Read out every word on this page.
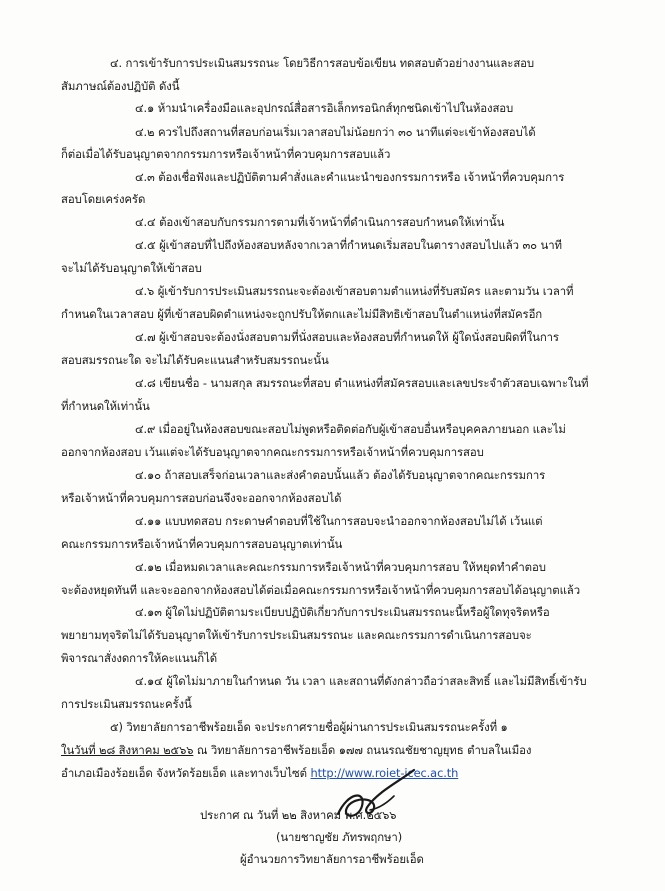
๔. การเข้ารับการประเมินสมรรถนะ โดยวิธีการสอบข้อเขียน ทดสอบตัวอย่างงานและสอบ
สัมภาษณ์ต้องปฏิบัติ ดังนี้
๔.๑ ห้ามนำเครื่องมือและอุปกรณ์สื่อสารอิเล็กทรอนิกส์ทุกชนิดเข้าไปในห้องสอบ
๔.๒ ควรไปถึงสถานที่สอบก่อนเริ่มเวลาสอบไม่น้อยกว่า ๓๐ นาทีแต่จะเข้าห้องสอบได้
ก็ต่อเมื่อได้รับอนุญาตจากกรรมการหรือเจ้าหน้าที่ควบคุมการสอบแล้ว
๔.๓ ต้องเชื่อฟังและปฏิบัติตามคำสั่งและคำแนะนำของกรรมการหรือ เจ้าหน้าที่ควบคุมการ
สอบโดยเคร่งครัด
๔.๔ ต้องเข้าสอบกับกรรมการตามที่เจ้าหน้าที่ดำเนินการสอบกำหนดให้เท่านั้น
๔.๕ ผู้เข้าสอบที่ไปถึงห้องสอบหลังจากเวลาที่กำหนดเริ่มสอบในตารางสอบไปแล้ว ๓๐ นาที
จะไม่ได้รับอนุญาตให้เข้าสอบ
๔.๖ ผู้เข้ารับการประเมินสมรรถนะจะต้องเข้าสอบตามตำแหน่งที่รับสมัคร และตามวัน เวลาที่
กำหนดในเวลาสอบ ผู้ที่เข้าสอบผิดตำแหน่งจะถูกปรับให้ตกและไม่มีสิทธิเข้าสอบในตำแหน่งที่สมัครอีก
๔.๗ ผู้เข้าสอบจะต้องนั่งสอบตามที่นั่งสอบและห้องสอบที่กำหนดให้ ผู้ใดนั่งสอบผิดที่ในการ
สอบสมรรถนะใด จะไม่ได้รับคะแนนสำหรับสมรรถนะนั้น
๔.๘ เขียนชื่อ - นามสกุล สมรรถนะที่สอบ ตำแหน่งที่สมัครสอบและเลขประจำตัวสอบเฉพาะในที่
ที่กำหนดให้เท่านั้น
๔.๙ เมื่ออยู่ในห้องสอบขณะสอบไม่พูดหรือติดต่อกับผู้เข้าสอบอื่นหรือบุคคลภายนอก และไม่
ออกจากห้องสอบ เว้นแต่จะได้รับอนุญาตจากคณะกรรมการหรือเจ้าหน้าที่ควบคุมการสอบ
๔.๑๐ ถ้าสอบเสร็จก่อนเวลาและส่งคำตอบนั้นแล้ว ต้องได้รับอนุญาตจากคณะกรรมการ
หรือเจ้าหน้าที่ควบคุมการสอบก่อนจึงจะออกจากห้องสอบได้
๔.๑๑ แบบทดสอบ กระดาษคำตอบที่ใช้ในการสอบจะนำออกจากห้องสอบไม่ได้ เว้นแต่
คณะกรรมการหรือเจ้าหน้าที่ควบคุมการสอบอนุญาตเท่านั้น
๔.๑๒ เมื่อหมดเวลาและคณะกรรมการหรือเจ้าหน้าที่ควบคุมการสอบ ให้หยุดทำคำตอบ
จะต้องหยุดทันที และจะออกจากห้องสอบได้ต่อเมื่อคณะกรรมการหรือเจ้าหน้าที่ควบคุมการสอบได้อนุญาตแล้ว
๔.๑๓ ผู้ใดไม่ปฏิบัติตามระเบียบปฏิบัติเกี่ยวกับการประเมินสมรรถนะนี้หรือผู้ใดทุจริตหรือ
พยายามทุจริตไม่ได้รับอนุญาตให้เข้ารับการประเมินสมรรถนะ และคณะกรรมการดำเนินการสอบจะ
พิจารณาสั่งงดการให้คะแนนก็ได้
๔.๑๔ ผู้ใดไม่มาภายในกำหนด วัน เวลา และสถานที่ดังกล่าวถือว่าสละสิทธิ์ และไม่มีสิทธิ์เข้ารับ
การประเมินสมรรถนะครั้งนี้
๕) วิทยาลัยการอาชีพร้อยเอ็ด จะประกาศรายชื่อผู้ผ่านการประเมินสมรรถนะครั้งที่ ๑
ในวันที่ ๒๘ สิงหาคม ๒๕๖๖ ณ วิทยาลัยการอาชีพร้อยเอ็ด ๑๗๗ ถนนรณชัยชาญยุทธ ตำบลในเมือง
อำเภอเมืองร้อยเอ็ด จังหวัดร้อยเอ็ด และทางเว็บไซต์ http://www.roiet-icec.ac.th
ประกาศ ณ วันที่ ๒๒ สิงหาคม พ.ศ.๒๕๖๖
(นายชาญชัย ภัทรพฤกษา)
ผู้อำนวยการวิทยาลัยการอาชีพร้อยเอ็ด
